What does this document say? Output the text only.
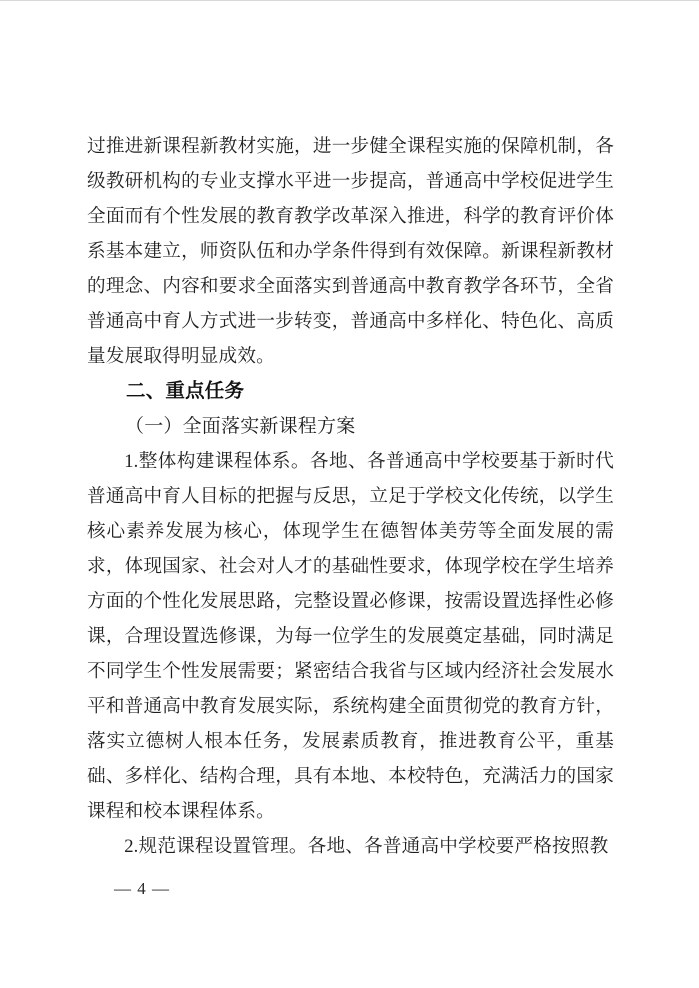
过推进新课程新教材实施，进一步健全课程实施的保障机制，各级教研机构的专业支撑水平进一步提高，普通高中学校促进学生全面而有个性发展的教育教学改革深入推进，科学的教育评价体系基本建立，师资队伍和办学条件得到有效保障。新课程新教材的理念、内容和要求全面落实到普通高中教育教学各环节，全省普通高中育人方式进一步转变，普通高中多样化、特色化、高质量发展取得明显成效。

二、重点任务

（一）全面落实新课程方案

1.整体构建课程体系。各地、各普通高中学校要基于新时代普通高中育人目标的把握与反思，立足于学校文化传统，以学生核心素养发展为核心，体现学生在德智体美劳等全面发展的需求，体现国家、社会对人才的基础性要求，体现学校在学生培养方面的个性化发展思路，完整设置必修课，按需设置选择性必修课，合理设置选修课，为每一位学生的发展奠定基础，同时满足不同学生个性发展需要；紧密结合我省与区域内经济社会发展水平和普通高中教育发展实际，系统构建全面贯彻党的教育方针，落实立德树人根本任务，发展素质教育，推进教育公平，重基础、多样化、结构合理，具有本地、本校特色，充满活力的国家课程和校本课程体系。

2.规范课程设置管理。各地、各普通高中学校要严格按照教

— 4 —
